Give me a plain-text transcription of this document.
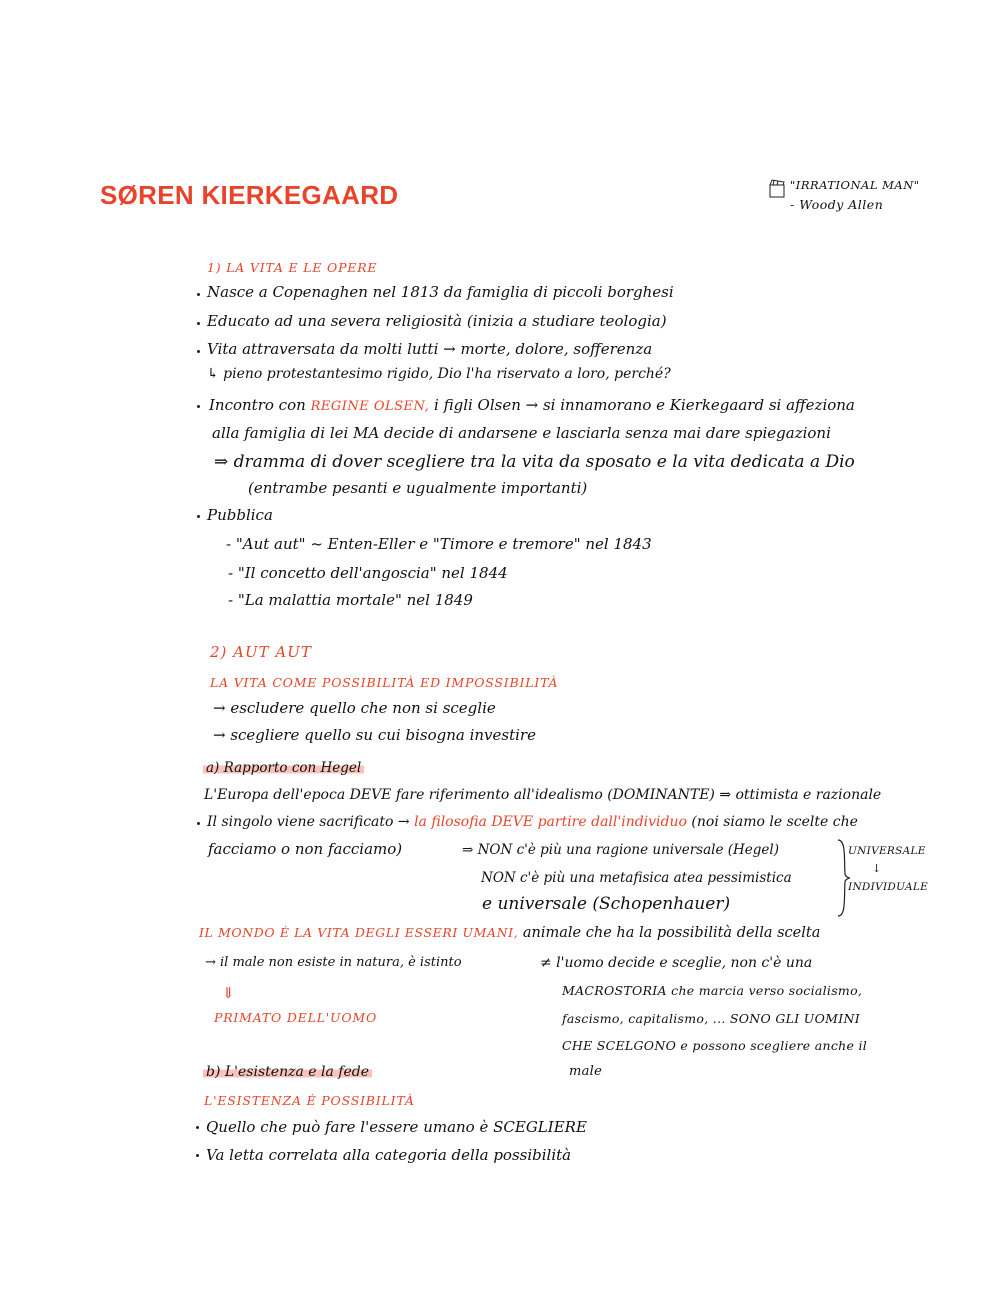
SØREN KIERKEGAARD	"IRRATIONAL MAN"
- Woody Allen
1) LA VITA E LE OPERE
Nasce a Copenaghen nel 1813 da famiglia di piccoli borghesi
Educato ad una severa religiosità (inizia a studiare teologia)
Vita attraversata da molti lutti → morte, dolore, sofferenza
↳ pieno protestantesimo rigido, Dio l'ha riservato a loro, perché?
Incontro con REGINE OLSEN, i figli Olsen → si innamorano e Kierkegaard si affeziona
alla famiglia di lei MA decide di andarsene e lasciarla senza mai dare spiegazioni
⇒ dramma di dover scegliere tra la vita da sposato e la vita dedicata a Dio
(entrambe pesanti e ugualmente importanti)
Pubblica
- "Aut aut" ~ Enten-Eller e "Timore e tremore" nel 1843
- "Il concetto dell'angoscia" nel 1844
- "La malattia mortale" nel 1849
2) AUT AUT
LA VITA COME POSSIBILITÀ ED IMPOSSIBILITÀ
→ escludere quello che non si sceglie
→ scegliere quello su cui bisogna investire
a) Rapporto con Hegel
L'Europa dell'epoca DEVE fare riferimento all'idealismo (DOMINANTE) ⇒ ottimista e razionale
Il singolo viene sacrificato → la filosofia DEVE partire dall'individuo (noi siamo le scelte che
facciamo o non facciamo)	⇒ NON c'è più una ragione universale (Hegel)
NON c'è più una metafisica atea pessimistica
e universale (Schopenhauer)
UNIVERSALE
↓
INDIVIDUALE
IL MONDO È LA VITA DEGLI ESSERI UMANI, animale che ha la possibilità della scelta
→ il male non esiste in natura, è istinto	≠ l'uomo decide e sceglie, non c'è una
MACROSTORIA che marcia verso socialismo,
fascismo, capitalismo, ... SONO GLI UOMINI
CHE SCELGONO e possono scegliere anche il
male
⇓
PRIMATO DELL'UOMO
b) L'esistenza e la fede
L'ESISTENZA È POSSIBILITÀ
Quello che può fare l'essere umano è SCEGLIERE
Va letta correlata alla categoria della possibilità
